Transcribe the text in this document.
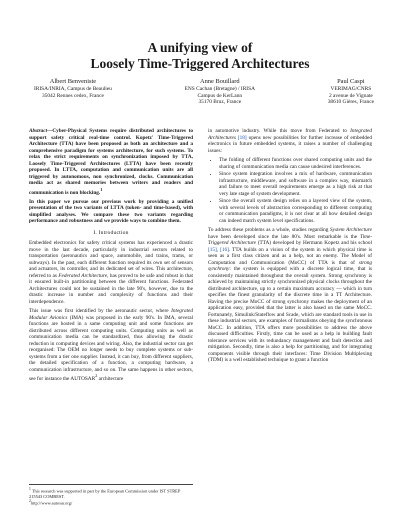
A unifying view of
Loosely Time-Triggered Architectures
Albert Benveniste
IRISA/INRIA, Campus de Beaulieu
35042 Rennes cedex, France
Anne Bouillard
ENS Cachan (Bretagne) / IRISA
Campus de KerLann
35170 Bruz, France
Paul Caspi
VERIMAG/CNRS
2 avenue de Vignate
38610 Gières, France

Abstract—Cyber-Physical Systems require distributed architectures to support safety critical real-time control. Kopetz' Time-Triggered Architecture (TTA) have been proposed as both an architecture and a comprehensive paradigm for systems architecture, for such systems. To relax the strict requirements on synchronization imposed by TTA, Loosely Time-Triggered Architectures (LTTA) have been recently proposed. In LTTA, computation and communication units are all triggered by autonomous, non synchronized, clocks. Communication media act as shared memories between writers and readers and communication is non blocking.$^1$

In this paper we pursue our previous work by providing a unified presentation of the two variants of LTTA (token- and time-based), with simplified analyses. We compare these two variants regarding performance and robustness and we provide ways to combine them.

I. Introduction

Embedded electronics for safety critical systems has experienced a drastic move in the last decade, particularly in industrial sectors related to transportation (aeronautics and space, automobile, and trains, trams, or subways). In the past, each different function required its own set of sensors and actuators, its controller, and its dedicated set of wires. This architecture, referred to as Federated Architecture, has proved to be safe and robust in that it ensured built-in partitioning between the different functions. Federated Architectures could not be sustained in the late 90's, however, due to the drastic increase in number and complexity of functions and their interdependence.

This issue was first identified by the aeronautic sector, where Integrated Modular Avionics (IMA) was proposed in the early 90's. In IMA, several functions are hosted in a same computing unit and some functions are distributed across different computing units. Computing units as well as communication media can be standardized, thus allowing the drastic reduction in computing devices and wiring. Also, the industrial sector can get reorganised: The OEM no longer needs to buy complete systems or sub-systems from a tier one supplier. Instead, it can buy, from different suppliers, the detailed specification of a function, a computing hardware, a communication infrastructure, and so on. The same happens in other sectors, see for instance the AUTOSAR$^2$ architecture

$^1$ This research was supported in part by the European Commission under IST STREP 215543 COMBEST.

$^2$http://www.autosar.org/

in automotive industry. While this move from Federated to Integrated Architectures [18] opens new possibilities for further increase of embedded electronics in future embedded systems, it raises a number of challenging issues:

• The folding of different functions over shared computing units and the sharing of communication media can cause undesired interferences.
• Since system integration involves a mix of hardware, communication infrastructure, middleware, and software in a complex way, mismatch and failure to meet overall requirements emerge as a high risk at that very late stage of system development.
• Since the overall system design relies on a layered view of the system, with several levels of abstraction corresponding to different computing or communication paradigms, it is not clear at all how detailed design can indeed match system level specifications.

To address these problems as a whole, studies regarding System Architecture have been developed since the late 80's. Most remarkable is the Time-Triggered Architecture (TTA) developed by Hermann Kopetz and his school [15], [16]. TTA builds on a vision of the system in which physical time is seen as a first class citizen and as a help, not an enemy. The Model of Computation and Communication (MoCC) of TTA is that of strong synchrony: the system is equipped with a discrete logical time, that is consistently maintained throughout the overall system. Strong synchrony is achieved by maintaining strictly synchronized physical clocks throughout the distributed architecture, up to a certain maximum accuracy — which in turn specifies the finest granularity of the discrete time in a TT Architecture. Having the precise MoCC of strong synchrony makes the deployment of an application easy, provided that the latter is also based on the same MoCC. Fortunately, Simulink/Stateflow and Scade, which are standard tools in use in these industrial sectors, are examples of formalisms obeying the synchronous MoCC. In addition, TTA offers more possibilities to address the above discussed difficulties. Firstly, time can be used as a help in building fault tolerance services with its redundancy management and fault detection and mitigation. Secondly, time is also a help for partitioning, and for integrating components visible through their interfaces: Time Division Multiplexing (TDM) is a well established technique to grant a function
